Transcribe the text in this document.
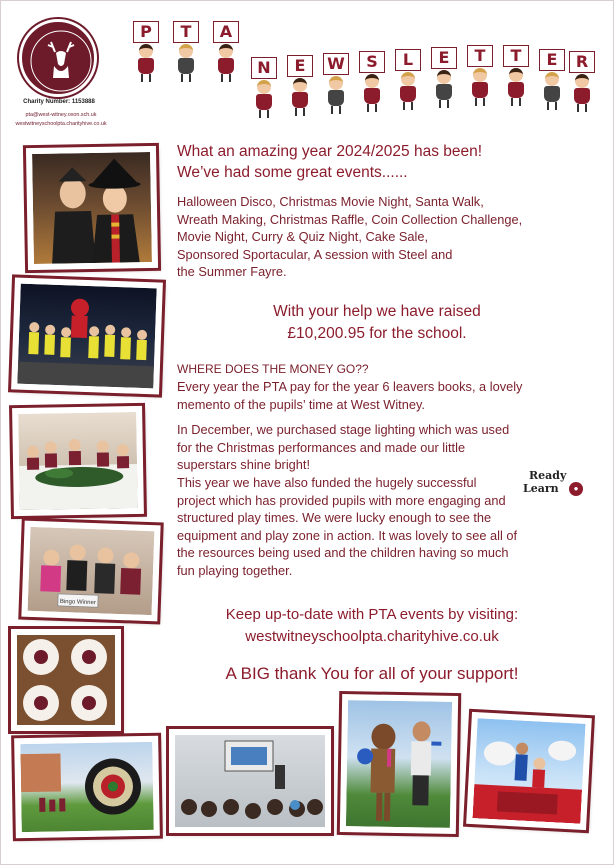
Charity Number: 1153888
pta@west-witney.oxon.sch.uk
westwitneyschoolpta.charityhive.co.uk
P	T	A
N	E	W	S	L	E	T	T	E	R
Bingo Winner
What an amazing year 2024/2025 has been!
We’ve had some great events......
Halloween Disco, Christmas Movie Night, Santa Walk,
Wreath Making, Christmas Raffle, Coin Collection Challenge,
Movie Night, Curry & Quiz Night, Cake Sale,
Sponsored Sportacular, A session with Steel and
the Summer Fayre.
With your help we have raised
£10,200.95 for the school.
WHERE DOES THE MONEY GO??
Every year the PTA pay for the year 6 leavers books, a lovely
memento of the pupils’ time at West Witney.
In December, we purchased stage lighting which was used
for the Christmas performances and made our little
superstars shine bright!
This year we have also funded the hugely successful
project which has provided pupils with more engaging and
structured play times. We were lucky enough to see the
equipment and play zone in action. It was lovely to see all of
the resources being used and the children having so much
fun playing together.
Ready
Learn	●
Keep up-to-date with PTA events by visiting:
westwitneyschoolpta.charityhive.co.uk
A BIG thank You for all of your support!
